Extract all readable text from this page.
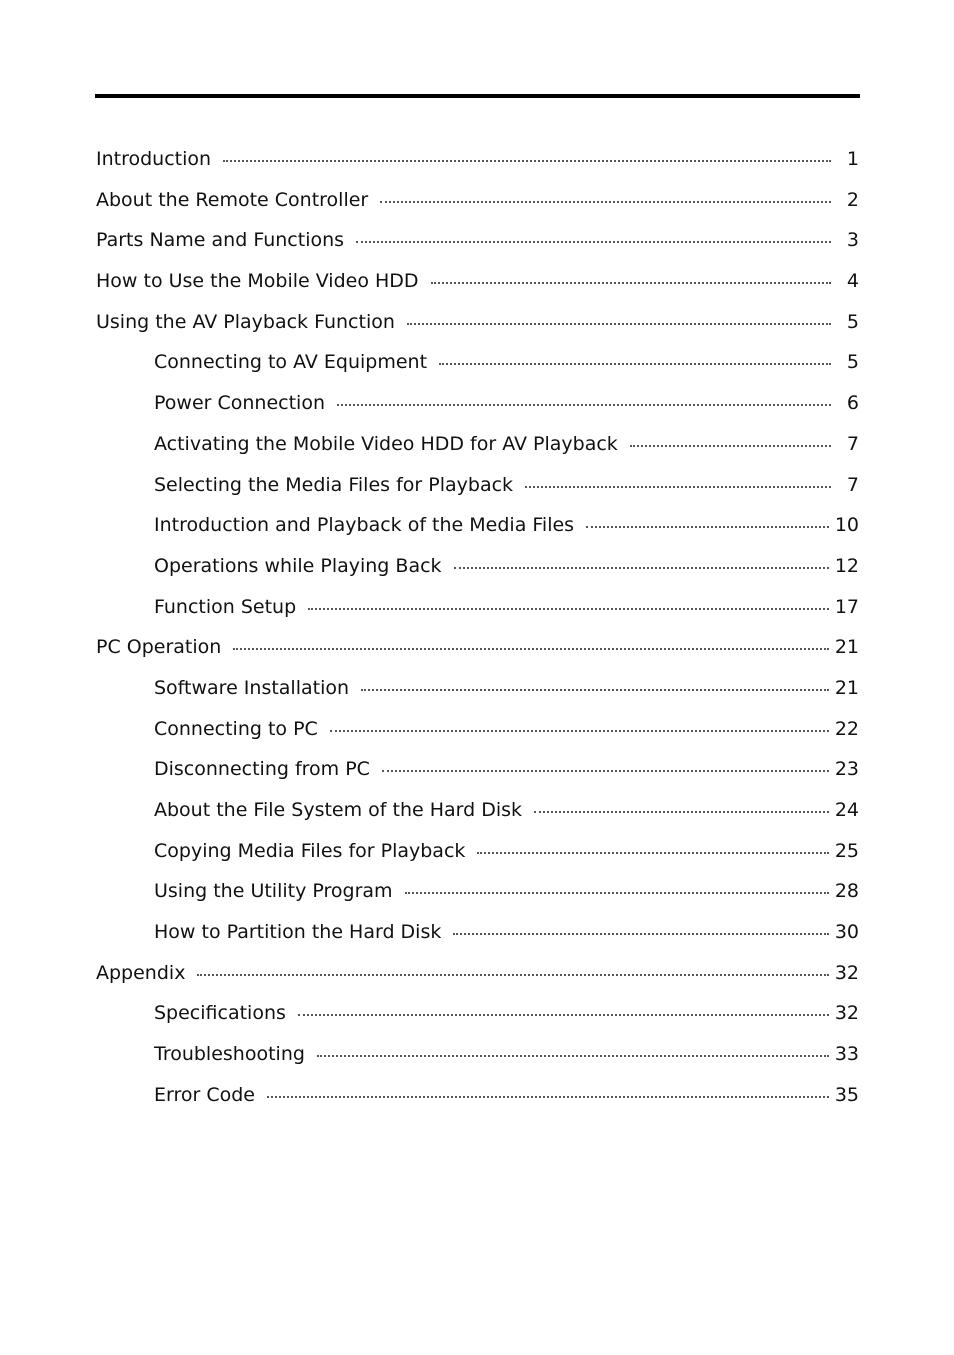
Introduction	1
About the Remote Controller	2
Parts Name and Functions	3
How to Use the Mobile Video HDD	4
Using the AV Playback Function	5
Connecting to AV Equipment	5
Power Connection	6
Activating the Mobile Video HDD for AV Playback	7
Selecting the Media Files for Playback	7
Introduction and Playback of the Media Files	10
Operations while Playing Back	12
Function Setup	17
PC Operation	21
Software Installation	21
Connecting to PC	22
Disconnecting from PC	23
About the File System of the Hard Disk	24
Copying Media Files for Playback	25
Using the Utility Program	28
How to Partition the Hard Disk	30
Appendix	32
Specifications	32
Troubleshooting	33
Error Code	35
